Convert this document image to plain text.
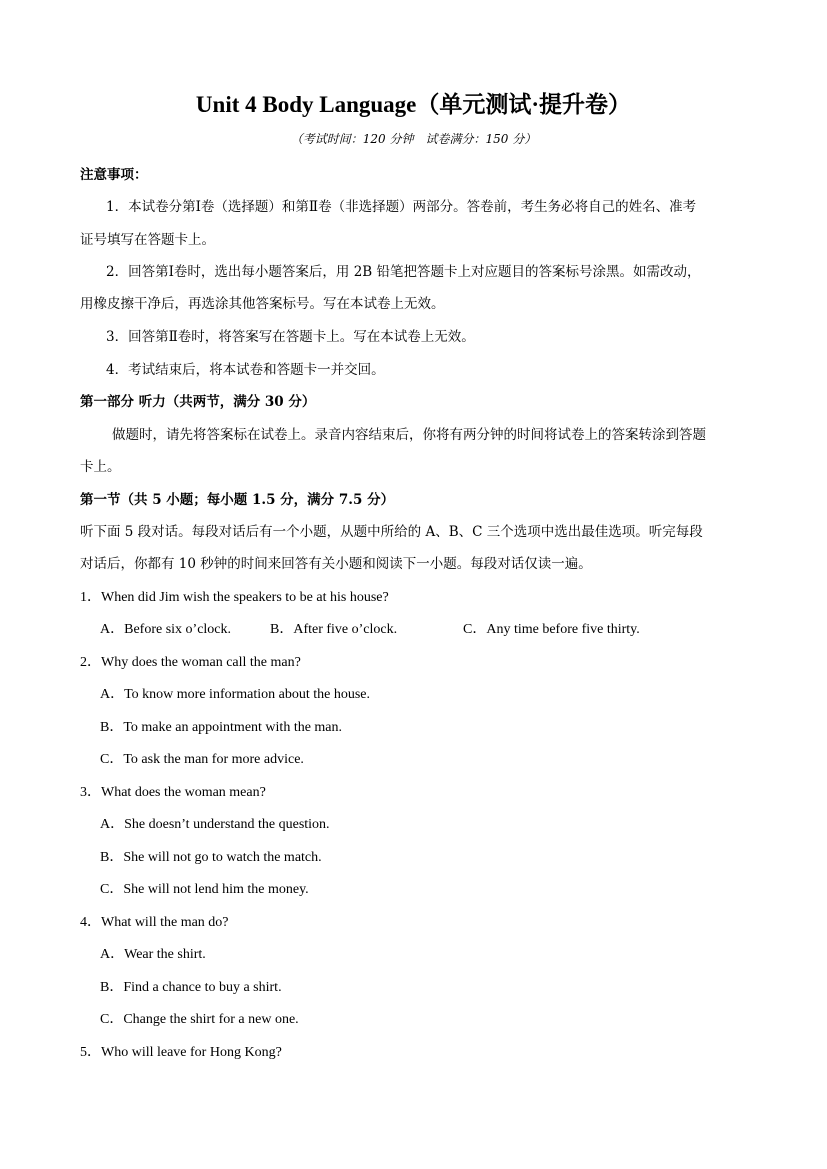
Unit 4 Body Language（单元测试·提升卷）
（考试时间：120 分钟　试卷满分：150 分）
注意事项：
1．本试卷分第Ⅰ卷（选择题）和第Ⅱ卷（非选择题）两部分。答卷前，考生务必将自己的姓名、准考
证号填写在答题卡上。
2．回答第Ⅰ卷时，选出每小题答案后，用 2B 铅笔把答题卡上对应题目的答案标号涂黑。如需改动，
用橡皮擦干净后，再选涂其他答案标号。写在本试卷上无效。
3．回答第Ⅱ卷时，将答案写在答题卡上。写在本试卷上无效。
4．考试结束后，将本试卷和答题卡一并交回。
第一部分 听力（共两节，满分 30 分）
做题时，请先将答案标在试卷上。录音内容结束后，你将有两分钟的时间将试卷上的答案转涂到答题
卡上。
第一节（共 5 小题；每小题 1.5 分，满分 7.5 分）
听下面 5 段对话。每段对话后有一个小题，从题中所给的 A、B、C 三个选项中选出最佳选项。听完每段
对话后，你都有 10 秒钟的时间来回答有关小题和阅读下一小题。每段对话仅读一遍。
1．When did Jim wish the speakers to be at his house?
A．Before six o’clock.	B．After five o’clock.	C．Any time before five thirty.
2．Why does the woman call the man?
A．To know more information about the house.
B．To make an appointment with the man.
C．To ask the man for more advice.
3．What does the woman mean?
A．She doesn’t understand the question.
B．She will not go to watch the match.
C．She will not lend him the money.
4．What will the man do?
A．Wear the shirt.
B．Find a chance to buy a shirt.
C．Change the shirt for a new one.
5．Who will leave for Hong Kong?
